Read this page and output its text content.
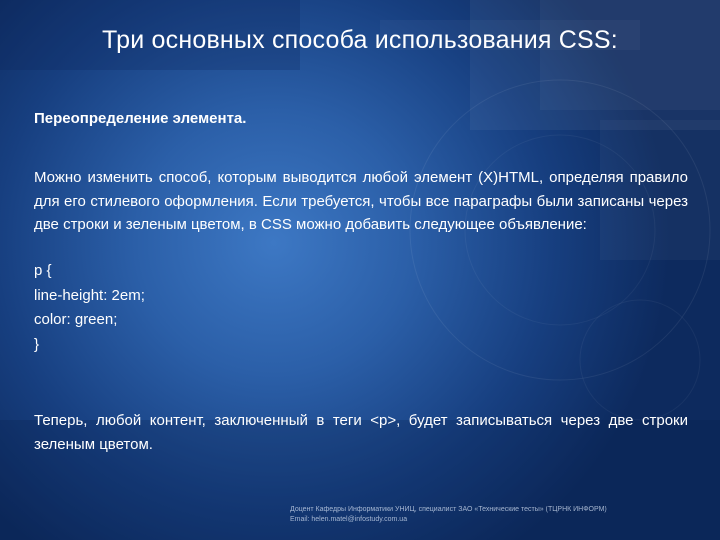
Три основных способа использования CSS:
Переопределение элемента.
Можно изменить способ, которым выводится любой элемент (X)HTML, определяя правило для его стилевого оформления. Если требуется, чтобы все параграфы были записаны через две строки и зеленым цветом, в CSS можно добавить следующее объявление:
p {
line-height: 2em;
color: green;
}
Теперь, любой контент, заключенный в теги <p>, будет записываться через две строки зеленым цветом.
Доцент Кафедры Информатики УНИЦ, специалист ЗАО «Технические тесты» (ТЦРНК ИНФОРМ)
Email: helen.matel@infostudy.com.ua
